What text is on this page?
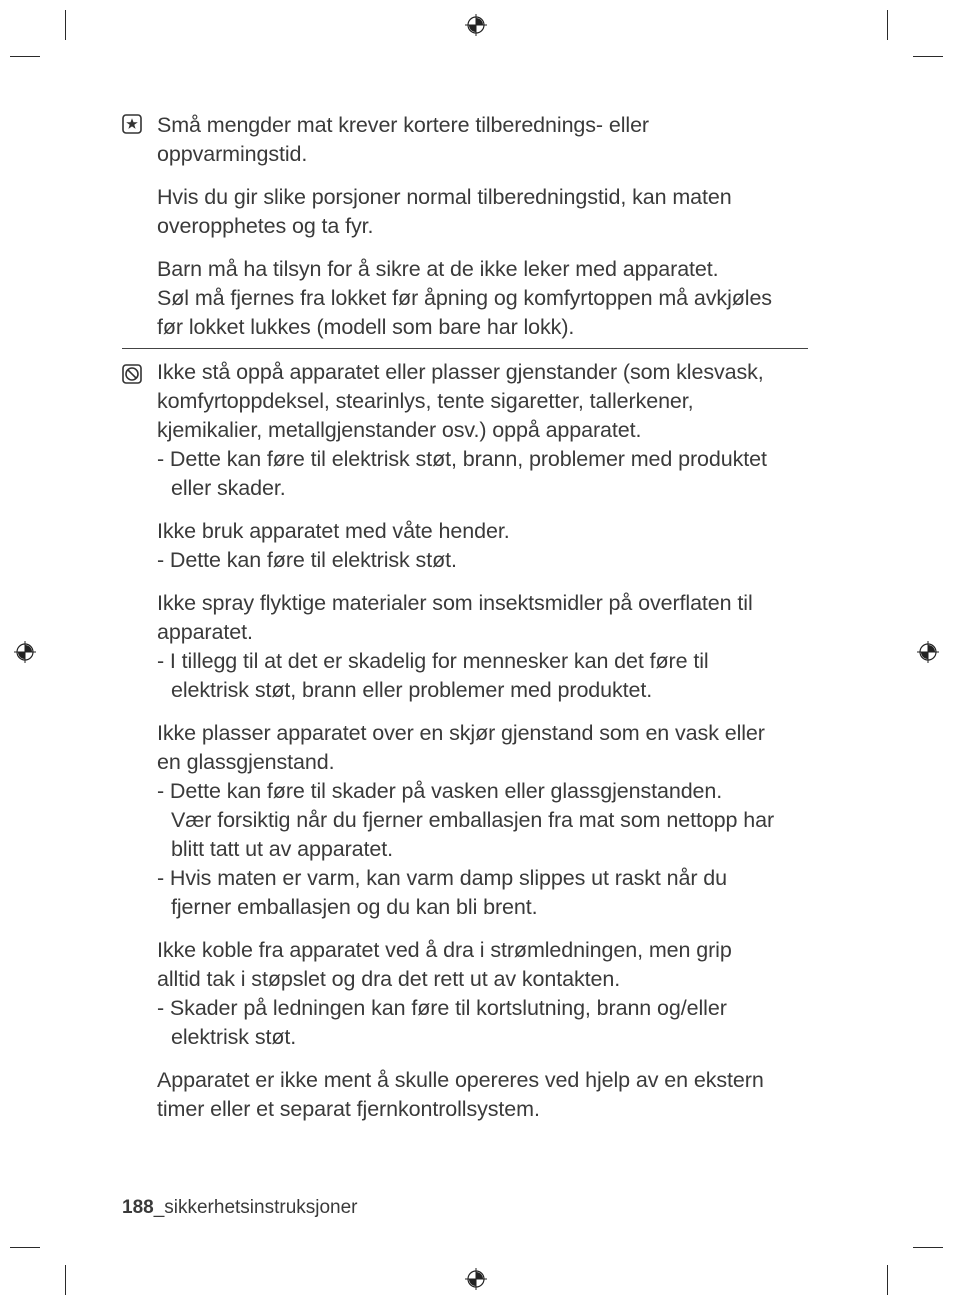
Små mengder mat krever kortere tilberednings- eller
oppvarmingstid.

Hvis du gir slike porsjoner normal tilberedningstid, kan maten
overopphetes og ta fyr.

Barn må ha tilsyn for å sikre at de ikke leker med apparatet.
Søl må fjernes fra lokket før åpning og komfyrtoppen må avkjøles
før lokket lukkes (modell som bare har lokk).

Ikke stå oppå apparatet eller plasser gjenstander (som klesvask,
komfyrtoppdeksel, stearinlys, tente sigaretter, tallerkener,
kjemikalier, metallgjenstander osv.) oppå apparatet.

- Dette kan føre til elektrisk støt, brann, problemer med produktet
eller skader.

Ikke bruk apparatet med våte hender.

- Dette kan føre til elektrisk støt.

Ikke spray flyktige materialer som insektsmidler på overflaten til
apparatet.

- I tillegg til at det er skadelig for mennesker kan det føre til
elektrisk støt, brann eller problemer med produktet.

Ikke plasser apparatet over en skjør gjenstand som en vask eller
en glassgjenstand.

- Dette kan føre til skader på vasken eller glassgjenstanden.
Vær forsiktig når du fjerner emballasjen fra mat som nettopp har
blitt tatt ut av apparatet.

- Hvis maten er varm, kan varm damp slippes ut raskt når du
fjerner emballasjen og du kan bli brent.

Ikke koble fra apparatet ved å dra i strømledningen, men grip
alltid tak i støpslet og dra det rett ut av kontakten.

- Skader på ledningen kan føre til kortslutning, brann og/eller
elektrisk støt.

Apparatet er ikke ment å skulle opereres ved hjelp av en ekstern
timer eller et separat fjernkontrollsystem.

188_sikkerhetsinstruksjoner
